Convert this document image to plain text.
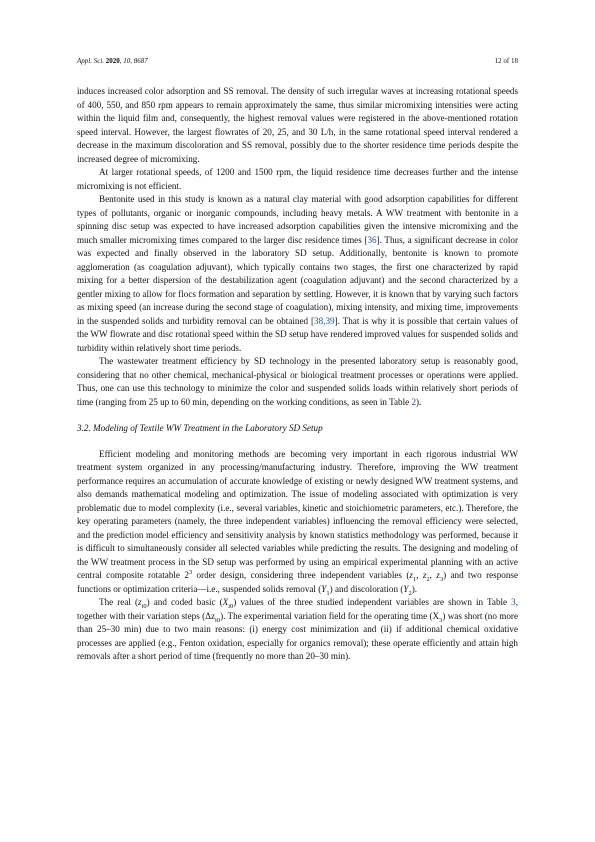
Appl. Sci. 2020, 10, 8687	12 of 18

induces increased color adsorption and SS removal. The density of such irregular waves at increasing rotational speeds of 400, 550, and 850 rpm appears to remain approximately the same, thus similar micromixing intensities were acting within the liquid film and, consequently, the highest removal values were registered in the above-mentioned rotation speed interval. However, the largest flowrates of 20, 25, and 30 L/h, in the same rotational speed interval rendered a decrease in the maximum discoloration and SS removal, possibly due to the shorter residence time periods despite the increased degree of micromixing.

At larger rotational speeds, of 1200 and 1500 rpm, the liquid residence time decreases further and the intense micromixing is not efficient.

Bentonite used in this study is known as a natural clay material with good adsorption capabilities for different types of pollutants, organic or inorganic compounds, including heavy metals. A WW treatment with bentonite in a spinning disc setup was expected to have increased adsorption capabilities given the intensive micromixing and the much smaller micromixing times compared to the larger disc residence times [36]. Thus, a significant decrease in color was expected and finally observed in the laboratory SD setup. Additionally, bentonite is known to promote agglomeration (as coagulation adjuvant), which typically contains two stages, the first one characterized by rapid mixing for a better dispersion of the destabilization agent (coagulation adjuvant) and the second characterized by a gentler mixing to allow for flocs formation and separation by settling. However, it is known that by varying such factors as mixing speed (an increase during the second stage of coagulation), mixing intensity, and mixing time, improvements in the suspended solids and turbidity removal can be obtained [38,39]. That is why it is possible that certain values of the WW flowrate and disc rotational speed within the SD setup have rendered improved values for suspended solids and turbidity within relatively short time periods.

The wastewater treatment efficiency by SD technology in the presented laboratory setup is reasonably good, considering that no other chemical, mechanical-physical or biological treatment processes or operations were applied. Thus, one can use this technology to minimize the color and suspended solids loads within relatively short periods of time (ranging from 25 up to 60 min, depending on the working conditions, as seen in Table 2).

3.2. Modeling of Textile WW Treatment in the Laboratory SD Setup

Efficient modeling and monitoring methods are becoming very important in each rigorous industrial WW treatment system organized in any processing/manufacturing industry. Therefore, improving the WW treatment performance requires an accumulation of accurate knowledge of existing or newly designed WW treatment systems, and also demands mathematical modeling and optimization. The issue of modeling associated with optimization is very problematic due to model complexity (i.e., several variables, kinetic and stoichiometric parameters, etc.). Therefore, the key operating parameters (namely, the three independent variables) influencing the removal efficiency were selected, and the prediction model efficiency and sensitivity analysis by known statistics methodology was performed, because it is difficult to simultaneously consider all selected variables while predicting the results. The designing and modeling of the WW treatment process in the SD setup was performed by using an empirical experimental planning with an active central composite rotatable $2^3$ order design, considering three independent variables ($z_1$, $z_2$, $z_3$) and two response functions or optimization criteria—i.e., suspended solids removal $(Y_1)$ and discoloration $(Y_2)$.

The real $(z_{i0})$ and coded basic $(X_{i0})$ values of the three studied independent variables are shown in Table 3, together with their variation steps $(\Delta z_{i0})$. The experimental variation field for the operating time $(X_3)$ was short (no more than 25–30 min) due to two main reasons: (i) energy cost minimization and (ii) if additional chemical oxidative processes are applied (e.g., Fenton oxidation, especially for organics removal); these operate efficiently and attain high removals after a short period of time (frequently no more than 20–30 min).
